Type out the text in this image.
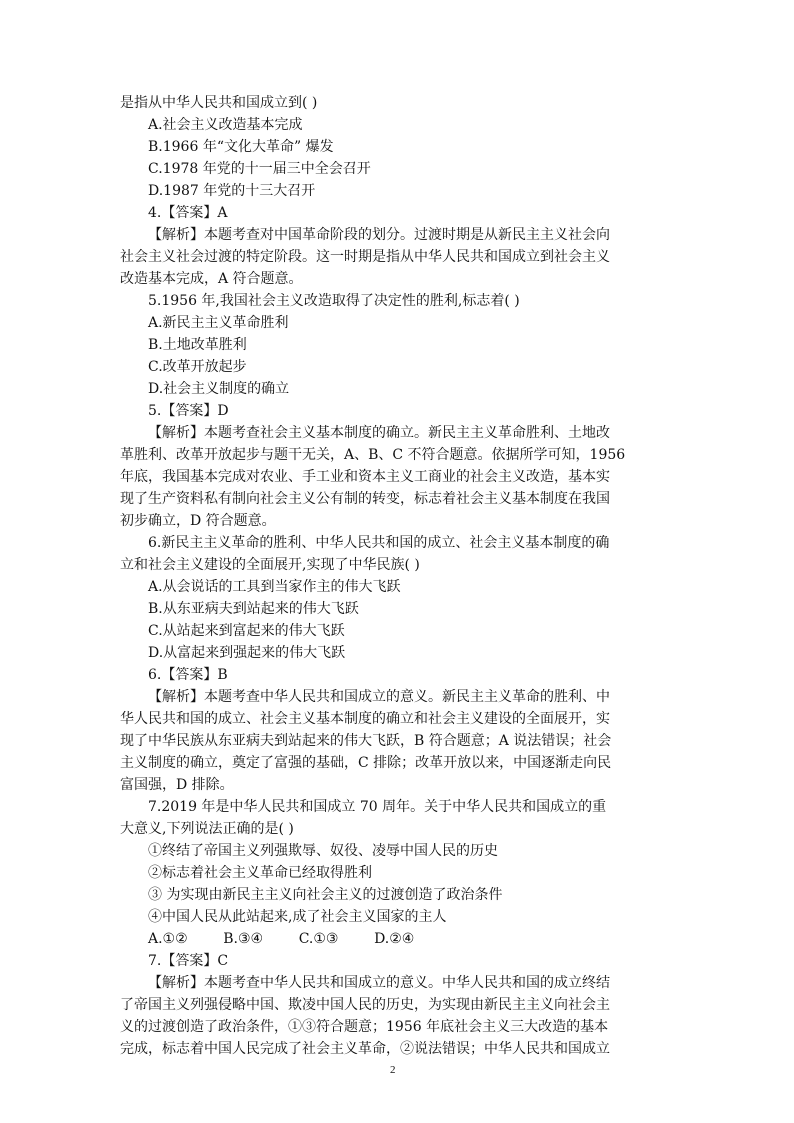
是指从中华人民共和国成立到( )
A.社会主义改造基本完成
B.1966 年“文化大革命” 爆发
C.1978 年党的十一届三中全会召开
D.1987 年党的十三大召开
4.【答案】A
【解析】本题考查对中国革命阶段的划分。过渡时期是从新民主主义社会向
社会主义社会过渡的特定阶段。这一时期是指从中华人民共和国成立到社会主义
改造基本完成，A 符合题意。
5.1956 年,我国社会主义改造取得了决定性的胜利,标志着( )
A.新民主主义革命胜利
B.土地改革胜利
C.改革开放起步
D.社会主义制度的确立
5.【答案】D
【解析】本题考查社会主义基本制度的确立。新民主主义革命胜利、土地改
革胜利、改革开放起步与题干无关，A、B、C 不符合题意。依据所学可知，1956
年底，我国基本完成对农业、手工业和资本主义工商业的社会主义改造，基本实
现了生产资料私有制向社会主义公有制的转变，标志着社会主义基本制度在我国
初步确立，D 符合题意。
6.新民主主义革命的胜利、中华人民共和国的成立、社会主义基本制度的确
立和社会主义建设的全面展开,实现了中华民族( )
A.从会说话的工具到当家作主的伟大飞跃
B.从东亚病夫到站起来的伟大飞跃
C.从站起来到富起来的伟大飞跃
D.从富起来到强起来的伟大飞跃
6.【答案】B
【解析】本题考查中华人民共和国成立的意义。新民主主义革命的胜利、中
华人民共和国的成立、社会主义基本制度的确立和社会主义建设的全面展开，实
现了中华民族从东亚病夫到站起来的伟大飞跃，B 符合题意；A 说法错误；社会
主义制度的确立，奠定了富强的基础，C 排除；改革开放以来，中国逐渐走向民
富国强，D 排除。
7.2019 年是中华人民共和国成立 70 周年。关于中华人民共和国成立的重
大意义,下列说法正确的是( )
①终结了帝国主义列强欺辱、奴役、凌辱中国人民的历史
②标志着社会主义革命已经取得胜利
③ 为实现由新民主主义向社会主义的过渡创造了政治条件
④中国人民从此站起来,成了社会主义国家的主人
A.①②        B.③④        C.①③        D.②④
7.【答案】C
【解析】本题考查中华人民共和国成立的意义。中华人民共和国的成立终结
了帝国主义列强侵略中国、欺凌中国人民的历史，为实现由新民主主义向社会主
义的过渡创造了政治条件，①③符合题意；1956 年底社会主义三大改造的基本
完成，标志着中国人民完成了社会主义革命，②说法错误；中华人民共和国成立
2
